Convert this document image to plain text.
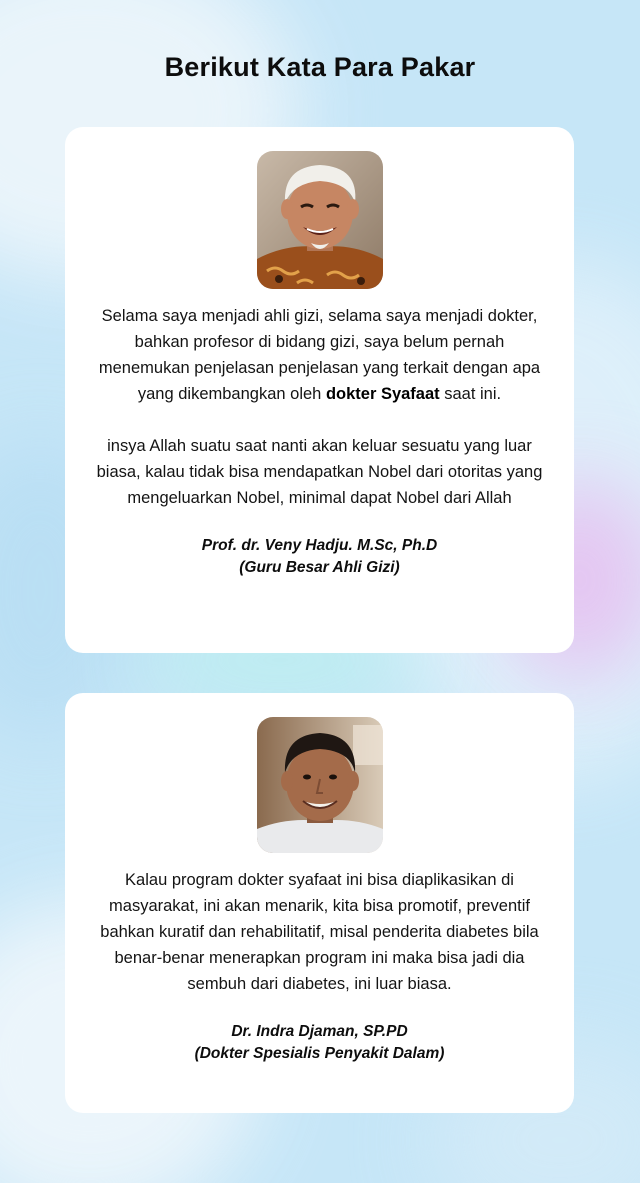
Berikut Kata Para Pakar

Selama saya menjadi ahli gizi, selama saya menjadi dokter, bahkan profesor di bidang gizi, saya belum pernah menemukan penjelasan penjelasan yang terkait dengan apa yang dikembangkan oleh dokter Syafaat saat ini.
insya Allah suatu saat nanti akan keluar sesuatu yang luar biasa, kalau tidak bisa mendapatkan Nobel dari otoritas yang mengeluarkan Nobel, minimal dapat Nobel dari Allah

Prof. dr. Veny Hadju. M.Sc, Ph.D
(Guru Besar Ahli Gizi)

Kalau program dokter syafaat ini bisa diaplikasikan di masyarakat, ini akan menarik, kita bisa promotif, preventif bahkan kuratif dan rehabilitatif, misal penderita diabetes bila benar-benar menerapkan program ini maka bisa jadi dia sembuh dari diabetes, ini luar biasa.

Dr. Indra Djaman, SP.PD
(Dokter Spesialis Penyakit Dalam)
